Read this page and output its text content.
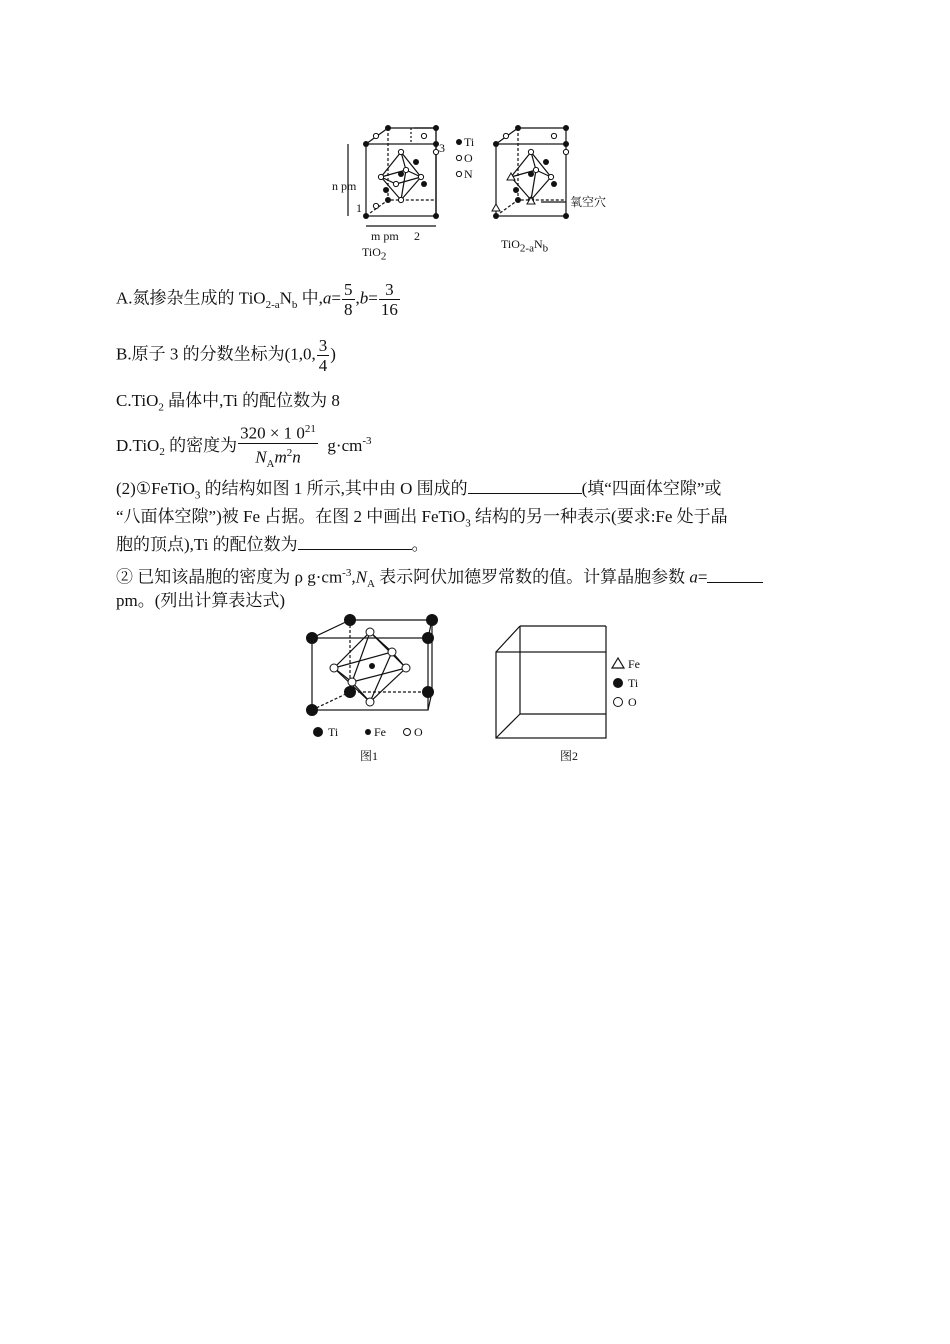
Ti
O
N
n pm
m pm
1
2
3
氧空穴
TiO$_2$
$TiO_{2-a}N_b$
A.氮掺杂生成的 $TiO_{2-a}N_b$ 中$,a= \frac{5}{8} ,b= \frac{3}{16}$
B.原子 3 的分数坐标为(1,0, $\frac{3}{4}$ )
C.TiO$_2$ 晶体中,Ti 的配位数为 8
D.TiO$_2$ 的密度为 $\frac{320 \times 1 0^{21}}{N_Am^2n} g\cdot cm^{-3}$
(2)①FeTiO$_3$ 的结构如图 1 所示,其中由 O 围成的	(填“四面体空隙”或
“八面体空隙”)被 Fe 占据。在图 2 中画出 FeTiO$_3$ 结构的另一种表示(要求:Fe 处于晶
胞的顶点),Ti 的配位数为	。
② 已知该晶胞的密度为 ρ $g\cdot cm^{-3},N_A$ 表示阿伏加德罗常数的值。计算晶胞参数 a=
pm。(列出计算表达式)
Ti	Fe O
图1
Fe
Ti
O
图2
